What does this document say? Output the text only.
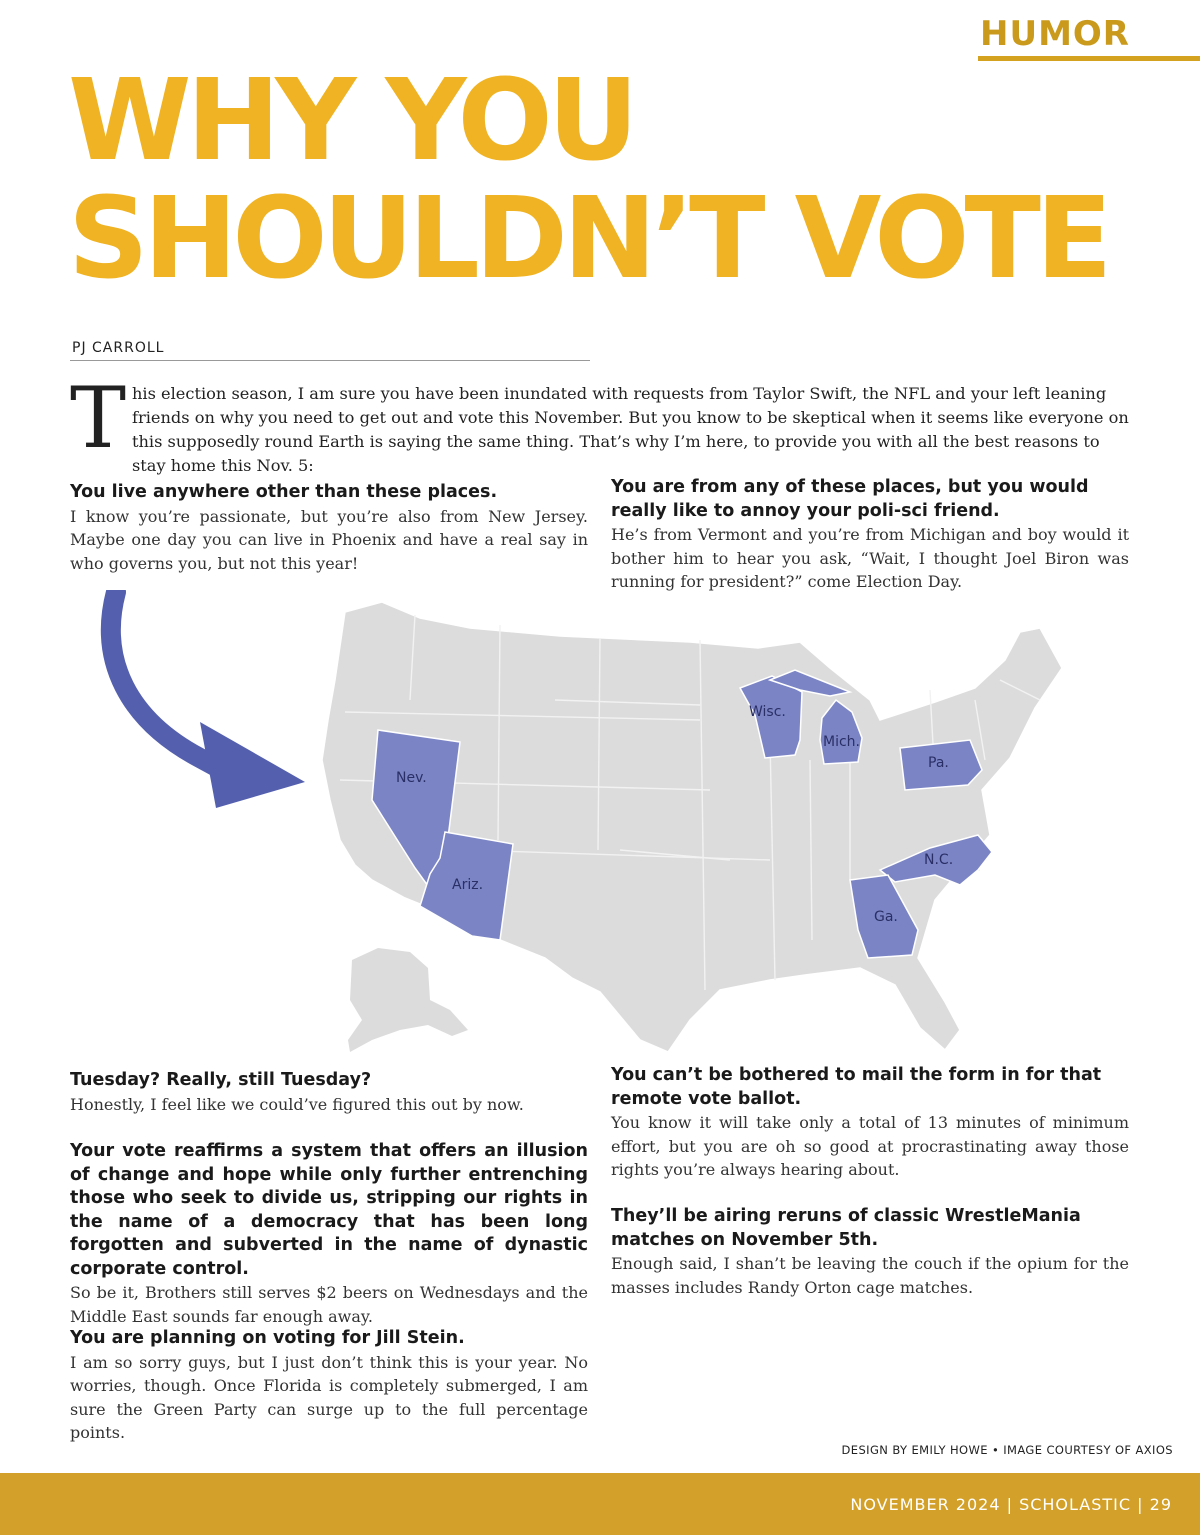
HUMOR
WHY YOU
SHOULDN’T VOTE
PJ CARROLL
T his election season, I am sure you have been inundated with requests from Taylor Swift, the NFL and your left leaning friends on why you need to get out and vote this November. But you know to be skeptical when it seems like everyone on this supposedly round Earth is saying the same thing. That’s why I’m here, to provide you with all the best reasons to stay home this Nov. 5:

You live anywhere other than these places.

I know you’re passionate, but you’re also from New Jersey. Maybe one day you can live in Phoenix and have a real say in who governs you, but not this year!

You are from any of these places, but you would really like to annoy your poli-sci friend.

He’s from Vermont and you’re from Michigan and boy would it bother him to hear you ask, “Wait, I thought Joel Biron was running for president?” come Election Day.

Nev.
Ariz.
Wisc.
Mich.
Pa.
N.C.
Ga.
Tuesday? Really, still Tuesday?

Honestly, I feel like we could’ve figured this out by now.

Your vote reaffirms a system that offers an illusion of change and hope while only further entrenching those who seek to divide us, stripping our rights in the name of a democracy that has been long forgotten and subverted in the name of dynastic corporate control.

So be it, Brothers still serves $2 beers on Wednesdays and the Middle East sounds far enough away.

You are planning on voting for Jill Stein.

I am so sorry guys, but I just don’t think this is your year. No worries, though. Once Florida is completely submerged, I am sure the Green Party can surge up to the full percentage points.

You can’t be bothered to mail the form in for that remote vote ballot.

You know it will take only a total of 13 minutes of minimum effort, but you are oh so good at procrastinating away those rights you’re always hearing about.

They’ll be airing reruns of classic WrestleMania matches on November 5th.

Enough said, I shan’t be leaving the couch if the opium for the masses includes Randy Orton cage matches.

DESIGN BY EMILY HOWE • IMAGE COURTESY OF AXIOS
NOVEMBER 2024 | SCHOLASTIC | 29
